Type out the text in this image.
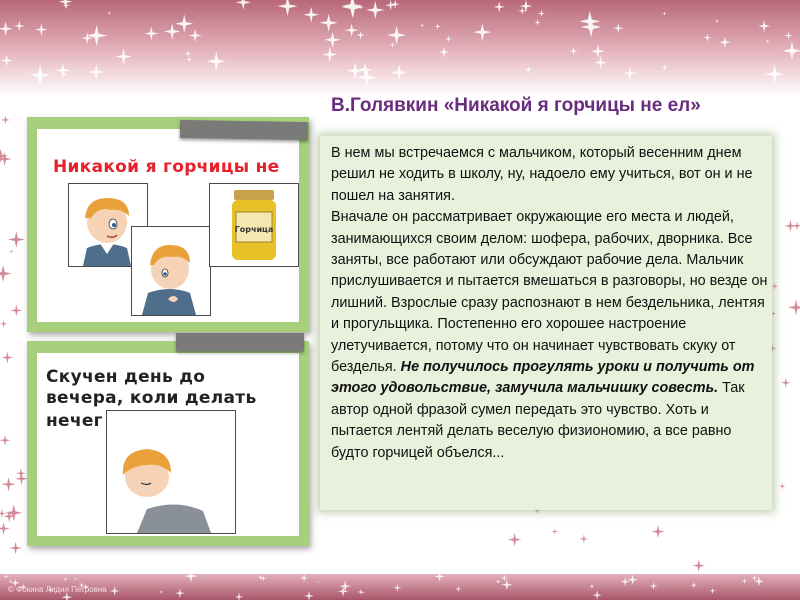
В.Голявкин «Никакой я горчицы не ел»
Никакой я горчицы не
Горчица
Скучен день до
вечера, коли делать
нечег

В нем мы встречаемся с мальчиком, который весенним днем решил не ходить в школу, ну, надоело ему учиться, вот он и не пошел на занятия.

Вначале он рассматривает окружающие его места и людей, занимающихся своим делом: шофера, рабочих, дворника. Все заняты, все работают или обсуждают рабочие дела. Мальчик прислушивается и пытается вмешаться в разговоры, но везде он лишний. Взрослые сразу распознают в нем бездельника, лентяя и прогульщика. Постепенно его хорошее настроение улетучивается, потому что он начинает чувствовать скуку от безделья. Не получилось прогулять уроки и получить от этого удовольствие, замучила мальчишку совесть. Так автор одной фразой сумел передать это чувство. Хоть и пытается лентяй делать веселую физиономию, а все равно будто горчицей объелся...

© Фокина Лидия Петровна
